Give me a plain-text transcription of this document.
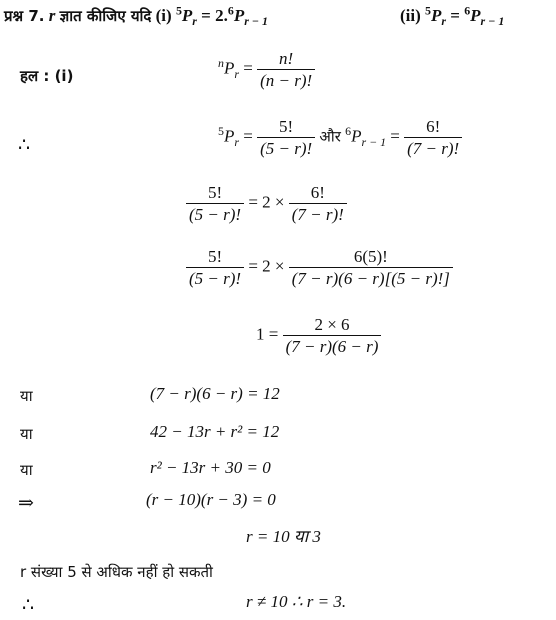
प्रश्न 7. r ज्ञात कीजिए यदि (i) $^5P_r = 2.^6P_{r - 1}$	(ii) $^5P_r = ^6P_{r - 1}$
हल : (i)
$^nP_r = \frac{n!}{(n - r)!}$
∴
$^5P_r = \frac{5!}{(5 - r)!}$ और $^6P_{r - 1} = \frac{6!}{(7 - r)!}$
$\frac{5!}{(5 - r)!} = 2 \times \frac{6!}{(7 - r)!}$
$\frac{5!}{(5 - r)!} = 2 \times \frac{6(5)!}{(7 - r)(6 - r)[(5 - r)!]}$
$1 = \frac{2 \times 6}{(7 - r)(6 - r)}$
या	(7 − r)(6 − r) = 12
या	42 − 13r + r² = 12
या	r² − 13r + 30 = 0
⇒	(r − 10)(r − 3) = 0
r = 10 या 3
r संख्या 5 से अधिक नहीं हो सकती
∴	r ≠ 10 ∴ r = 3.
